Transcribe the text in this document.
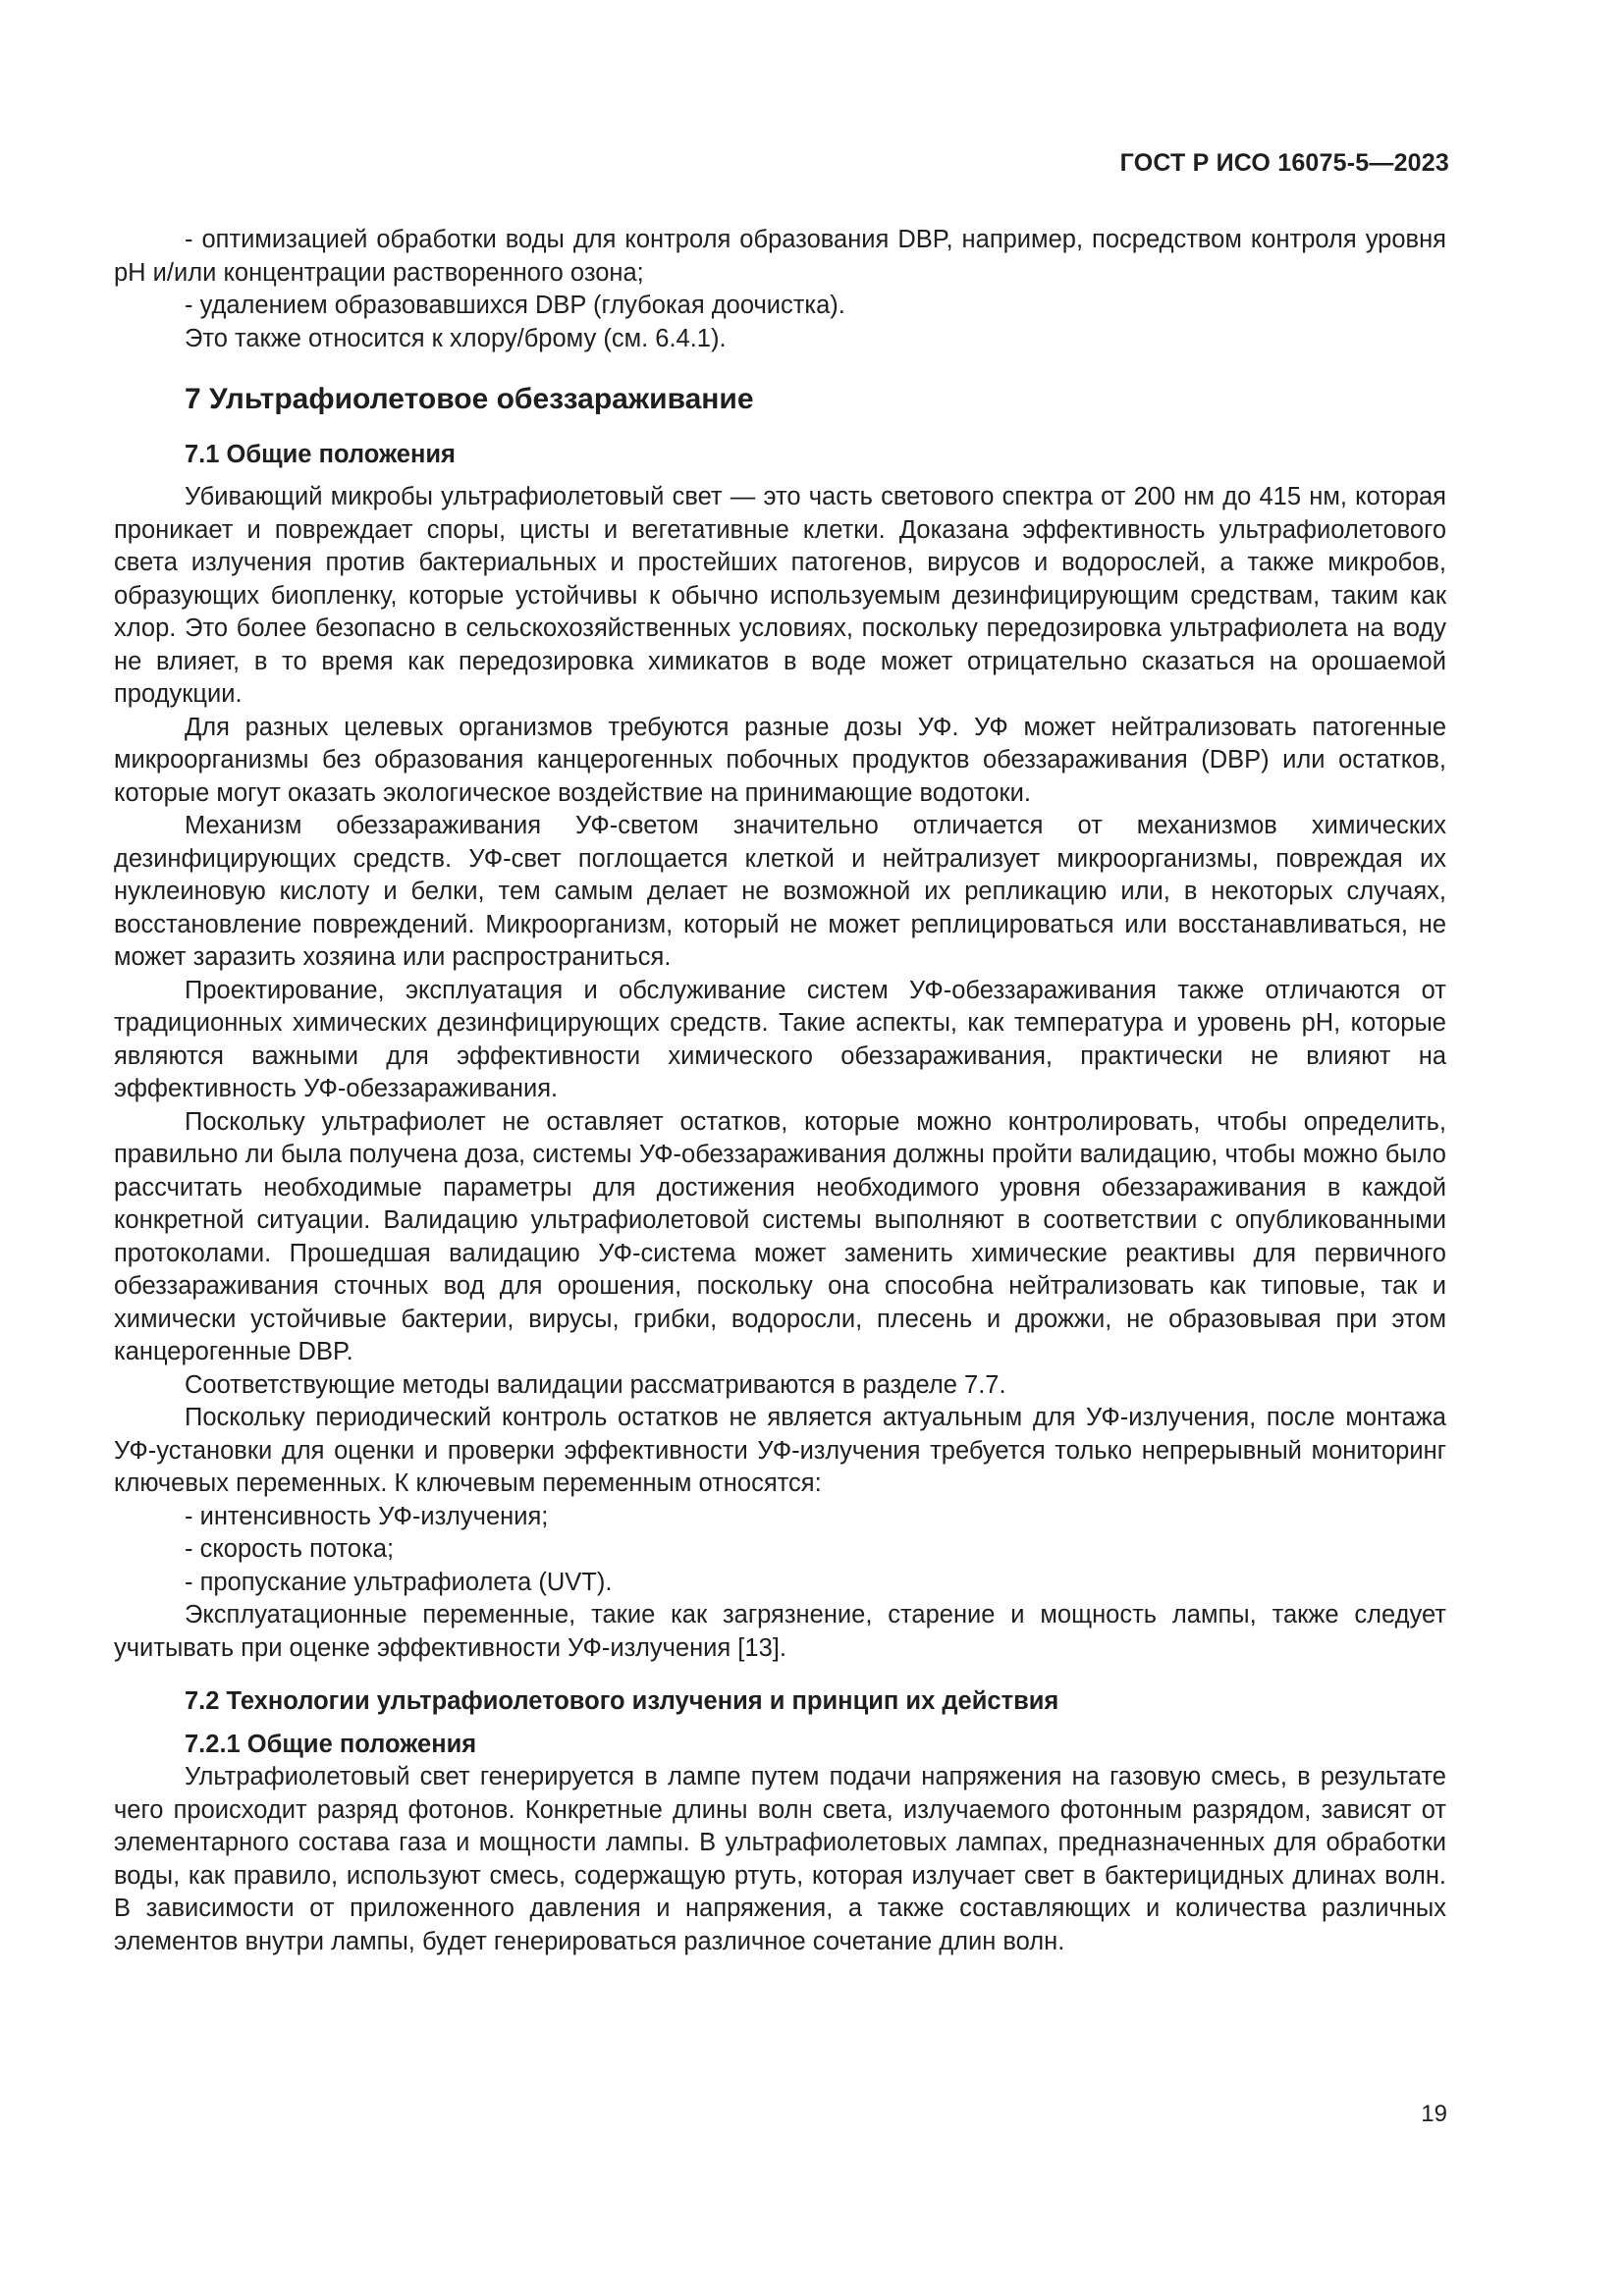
ГОСТ Р ИСО 16075-5—2023

- оптимизацией обработки воды для контроля образования DBP, например, посредством контроля уровня pH и/или концентрации растворенного озона;

- удалением образовавшихся DBP (глубокая доочистка).

Это также относится к хлору/брому (см. 6.4.1).

7 Ультрафиолетовое обеззараживание
7.1 Общие положения

Убивающий микробы ультрафиолетовый свет — это часть светового спектра от 200 нм до 415 нм, которая проникает и повреждает споры, цисты и вегетативные клетки. Доказана эффективность ультрафиолетового света излучения против бактериальных и простейших патогенов, вирусов и водорослей, а также микробов, образующих биопленку, которые устойчивы к обычно используемым дезинфицирующим средствам, таким как хлор. Это более безопасно в сельскохозяйственных условиях, поскольку передозировка ультрафиолета на воду не влияет, в то время как передозировка химикатов в воде может отрицательно сказаться на орошаемой продукции.

Для разных целевых организмов требуются разные дозы УФ. УФ может нейтрализовать патогенные микроорганизмы без образования канцерогенных побочных продуктов обеззараживания (DBP) или остатков, которые могут оказать экологическое воздействие на принимающие водотоки.

Механизм обеззараживания УФ-светом значительно отличается от механизмов химических дезинфицирующих средств. УФ-свет поглощается клеткой и нейтрализует микроорганизмы, повреждая их нуклеиновую кислоту и белки, тем самым делает не возможной их репликацию или, в некоторых случаях, восстановление повреждений. Микроорганизм, который не может реплицироваться или восстанавливаться, не может заразить хозяина или распространиться.

Проектирование, эксплуатация и обслуживание систем УФ-обеззараживания также отличаются от традиционных химических дезинфицирующих средств. Такие аспекты, как температура и уровень pH, которые являются важными для эффективности химического обеззараживания, практически не влияют на эффективность УФ-обеззараживания.

Поскольку ультрафиолет не оставляет остатков, которые можно контролировать, чтобы определить, правильно ли была получена доза, системы УФ-обеззараживания должны пройти валидацию, чтобы можно было рассчитать необходимые параметры для достижения необходимого уровня обеззараживания в каждой конкретной ситуации. Валидацию ультрафиолетовой системы выполняют в соответствии с опубликованными протоколами. Прошедшая валидацию УФ-система может заменить химические реактивы для первичного обеззараживания сточных вод для орошения, поскольку она способна нейтрализовать как типовые, так и химически устойчивые бактерии, вирусы, грибки, водоросли, плесень и дрожжи, не образовывая при этом канцерогенные DBP.

Соответствующие методы валидации рассматриваются в разделе 7.7.

Поскольку периодический контроль остатков не является актуальным для УФ-излучения, после монтажа УФ-установки для оценки и проверки эффективности УФ-излучения требуется только непрерывный мониторинг ключевых переменных. К ключевым переменным относятся:

- интенсивность УФ-излучения;

- скорость потока;

- пропускание ультрафиолета (UVT).

Эксплуатационные переменные, такие как загрязнение, старение и мощность лампы, также следует учитывать при оценке эффективности УФ-излучения [13].

7.2 Технологии ультрафиолетового излучения и принцип их действия
7.2.1 Общие положения

Ультрафиолетовый свет генерируется в лампе путем подачи напряжения на газовую смесь, в результате чего происходит разряд фотонов. Конкретные длины волн света, излучаемого фотонным разрядом, зависят от элементарного состава газа и мощности лампы. В ультрафиолетовых лампах, предназначенных для обработки воды, как правило, используют смесь, содержащую ртуть, которая излучает свет в бактерицидных длинах волн. В зависимости от приложенного давления и напряжения, а также составляющих и количества различных элементов внутри лампы, будет генерироваться различное сочетание длин волн.

19
